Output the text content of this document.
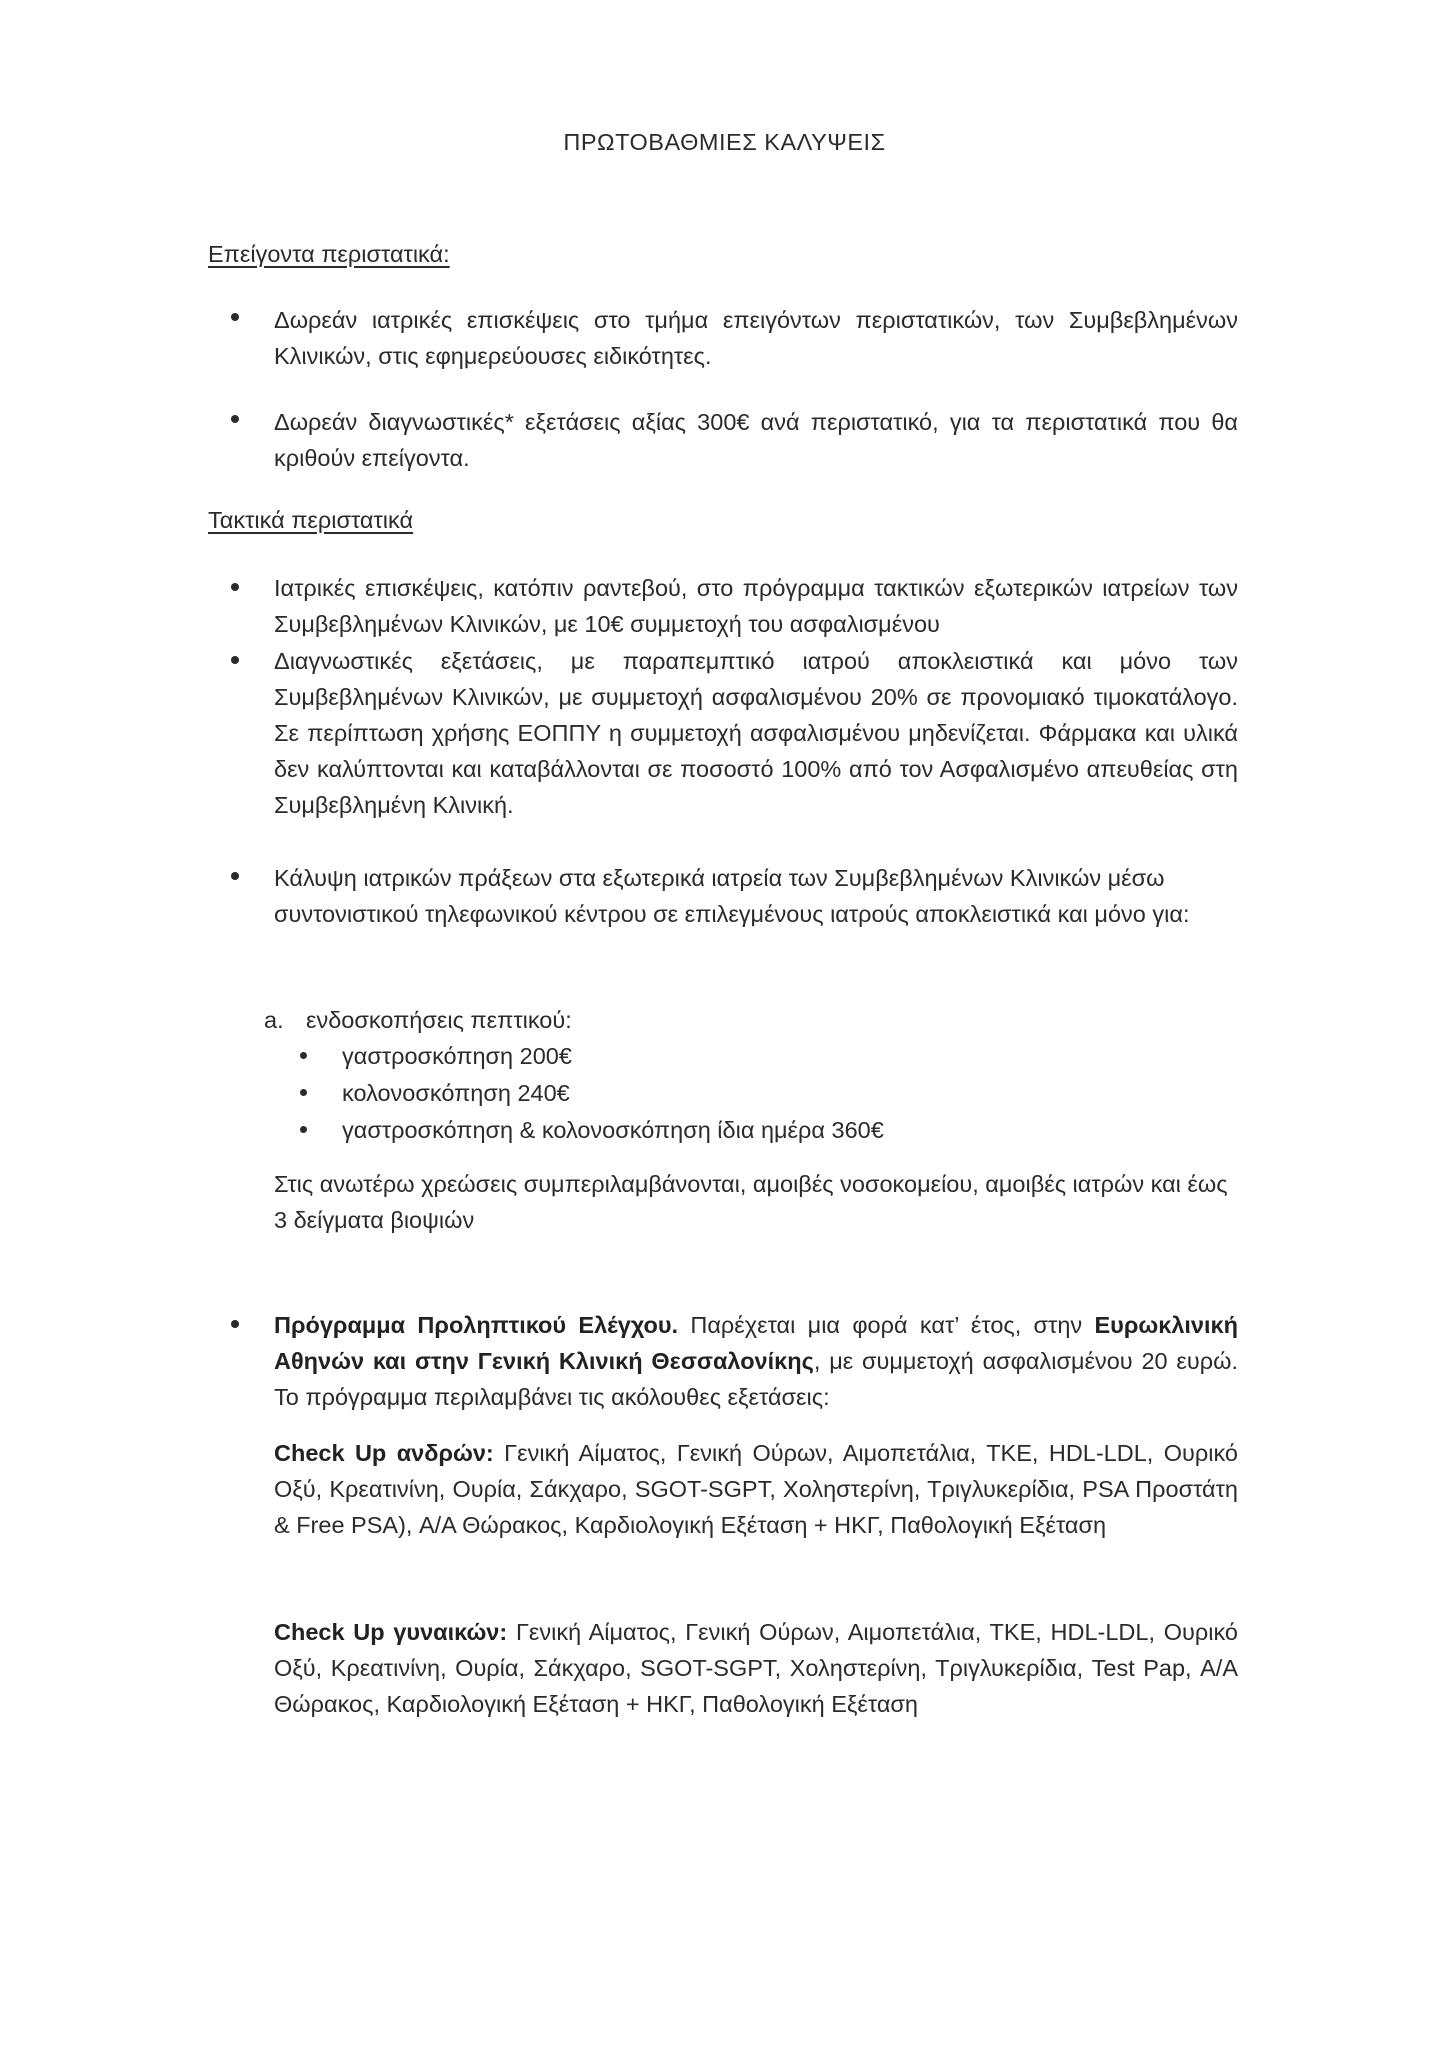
ΠΡΩΤΟΒΑΘΜΙΕΣ ΚΑΛΥΨΕΙΣ
Επείγοντα περιστατικά:
Δωρεάν ιατρικές επισκέψεις στο τμήμα επειγόντων περιστατικών, των Συμβεβλημένων Κλινικών, στις εφημερεύουσες ειδικότητες.
Δωρεάν διαγνωστικές* εξετάσεις αξίας 300€ ανά περιστατικό, για τα περιστατικά που θα κριθούν επείγοντα.
Τακτικά περιστατικά
Ιατρικές επισκέψεις, κατόπιν ραντεβού, στο πρόγραμμα τακτικών εξωτερικών ιατρείων των Συμβεβλημένων Κλινικών, με 10€ συμμετοχή του ασφαλισμένου
Διαγνωστικές εξετάσεις, με παραπεμπτικό ιατρού αποκλειστικά και μόνο των Συμβεβλημένων Κλινικών, με συμμετοχή ασφαλισμένου 20% σε προνομιακό τιμοκατάλογο. Σε περίπτωση χρήσης ΕΟΠΠΥ η συμμετοχή ασφαλισμένου μηδενίζεται. Φάρμακα και υλικά δεν καλύπτονται και καταβάλλονται σε ποσοστό 100% από τον Ασφαλισμένο απευθείας στη Συμβεβλημένη Κλινική.
Κάλυψη ιατρικών πράξεων στα εξωτερικά ιατρεία των Συμβεβλημένων Κλινικών μέσω συντονιστικού τηλεφωνικού κέντρου σε επιλεγμένους ιατρούς αποκλειστικά και μόνο για:
a. ενδοσκοπήσεις πεπτικού:
γαστροσκόπηση 200€
κολονοσκόπηση 240€
γαστροσκόπηση & κολονοσκόπηση ίδια ημέρα 360€
Στις ανωτέρω χρεώσεις συμπεριλαμβάνονται, αμοιβές νοσοκομείου, αμοιβές ιατρών και έως 3 δείγματα βιοψιών
Πρόγραμμα Προληπτικού Ελέγχου. Παρέχεται μια φορά κατ’ έτος, στην Ευρωκλινική Αθηνών και στην Γενική Κλινική Θεσσαλονίκης, με συμμετοχή ασφαλισμένου 20 ευρώ. Το πρόγραμμα περιλαμβάνει τις ακόλουθες εξετάσεις:
Check Up ανδρών: Γενική Αίματος, Γενική Ούρων, Αιμοπετάλια, ΤΚΕ, HDL-LDL, Ουρικό Οξύ, Κρεατινίνη, Ουρία, Σάκχαρο, SGOT-SGPT, Χοληστερίνη, Τριγλυκερίδια, PSA Προστάτη & Free PSA), Α/Α Θώρακος, Καρδιολογική Εξέταση + ΗΚΓ, Παθολογική Εξέταση
Check Up γυναικών: Γενική Αίματος, Γενική Ούρων, Αιμοπετάλια, ΤΚΕ, HDL-LDL, Ουρικό Οξύ, Κρεατινίνη, Ουρία, Σάκχαρο, SGOT-SGPT, Χοληστερίνη, Τριγλυκερίδια, Test Pap, Α/Α Θώρακος, Καρδιολογική Εξέταση + ΗΚΓ, Παθολογική Εξέταση
